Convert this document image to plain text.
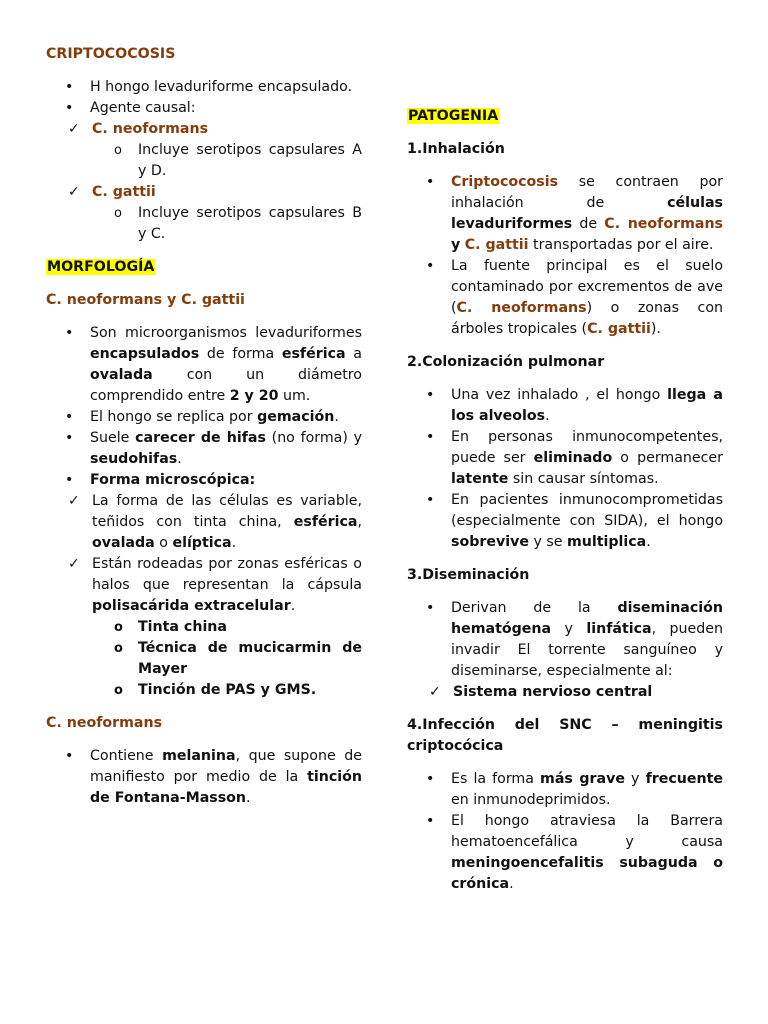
CRIPTOCOCOSIS
• H hongo levaduriforme encapsulado.
• Agente causal:
✓ C. neoformans
o Incluye serotipos capsulares A y D.
✓ C. gattii
o Incluye serotipos capsulares B y C.
MORFOLOGÍA
C. neoformans y C. gattii
• Son microorganismos levaduriformes encapsulados de forma esférica a ovalada con un diámetro comprendido entre 2 y 20 um.
• El hongo se replica por gemación.
• Suele carecer de hifas (no forma) y seudohifas.
• Forma microscópica:
✓ La forma de las células es variable, teñidos con tinta china, esférica, ovalada o elíptica.
✓ Están rodeadas por zonas esféricas o halos que representan la cápsula polisacárida extracelular.
o Tinta china
o Técnica de mucicarmin de Mayer
o Tinción de PAS y GMS.
C. neoformans
• Contiene melanina, que supone de manifiesto por medio de la tinción de Fontana-Masson.
PATOGENIA
1.Inhalación
• Criptococosis se contraen por inhalación de células levaduriformes de C. neoformans y C. gattii transportadas por el aire.
• La fuente principal es el suelo contaminado por excrementos de ave (C. neoformans) o zonas con árboles tropicales (C. gattii).
2.Colonización pulmonar
• Una vez inhalado , el hongo llega a los alveolos.
• En personas inmunocompetentes, puede ser eliminado o permanecer latente sin causar síntomas.
• En pacientes inmunocomprometidas (especialmente con SIDA), el hongo sobrevive y se multiplica.
3.Diseminación
• Derivan de la diseminación hematógena y linfática, pueden invadir El torrente sanguíneo y diseminarse, especialmente al:
✓ Sistema nervioso central
4.Infección del SNC – meningitis criptocócica
• Es la forma más grave y frecuente en inmunodeprimidos.
• El hongo atraviesa la Barrera hematoencefálica y causa meningoencefalitis subaguda o crónica.
